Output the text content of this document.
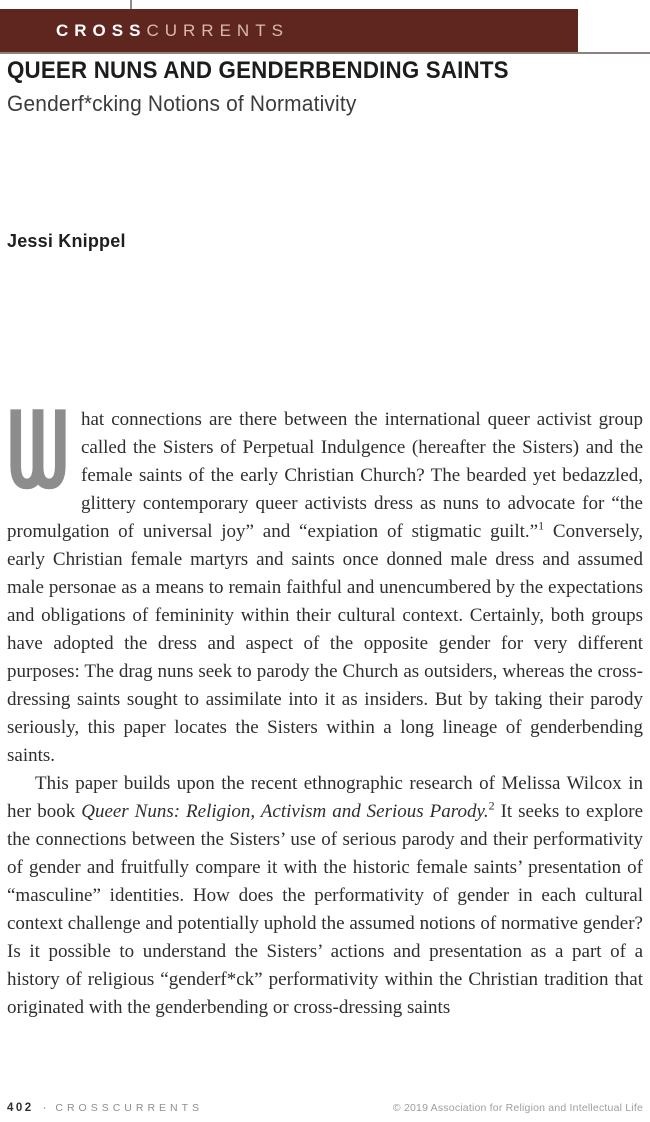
CROSS CURRENTS
QUEER NUNS AND GENDERBENDING SAINTS
Genderf*cking Notions of Normativity
Jessi Knippel

hat connections are there between the international queer activist group called the Sisters of Perpetual Indulgence (hereafter the Sisters) and the female saints of the early Christian Church? The bearded yet bedazzled, glittery contemporary queer activists dress as nuns to advocate for “the promulgation of universal joy” and “expiation of stigmatic guilt.”$^1$ Conversely, early Christian female martyrs and saints once donned male dress and assumed male personae as a means to remain faithful and unencumbered by the expectations and obligations of femininity within their cultural context. Certainly, both groups have adopted the dress and aspect of the opposite gender for very different purposes: The drag nuns seek to parody the Church as outsiders, whereas the cross-dressing saints sought to assimilate into it as insiders. But by taking their parody seriously, this paper locates the Sisters within a long lineage of genderbending saints.

This paper builds upon the recent ethnographic research of Melissa Wilcox in her book Queer Nuns: Religion, Activism and Serious Parody.$^2$ It seeks to explore the connections between the Sisters’ use of serious parody and their performativity of gender and fruitfully compare it with the historic female saints’ presentation of “masculine” identities. How does the performativity of gender in each cultural context challenge and potentially uphold the assumed notions of normative gender? Is it possible to understand the Sisters’ actions and presentation as a part of a history of religious “genderf*ck” performativity within the Christian tradition that originated with the genderbending or cross-dressing saints

402 · CROSSCURRENTS	© 2019 Association for Religion and Intellectual Life
